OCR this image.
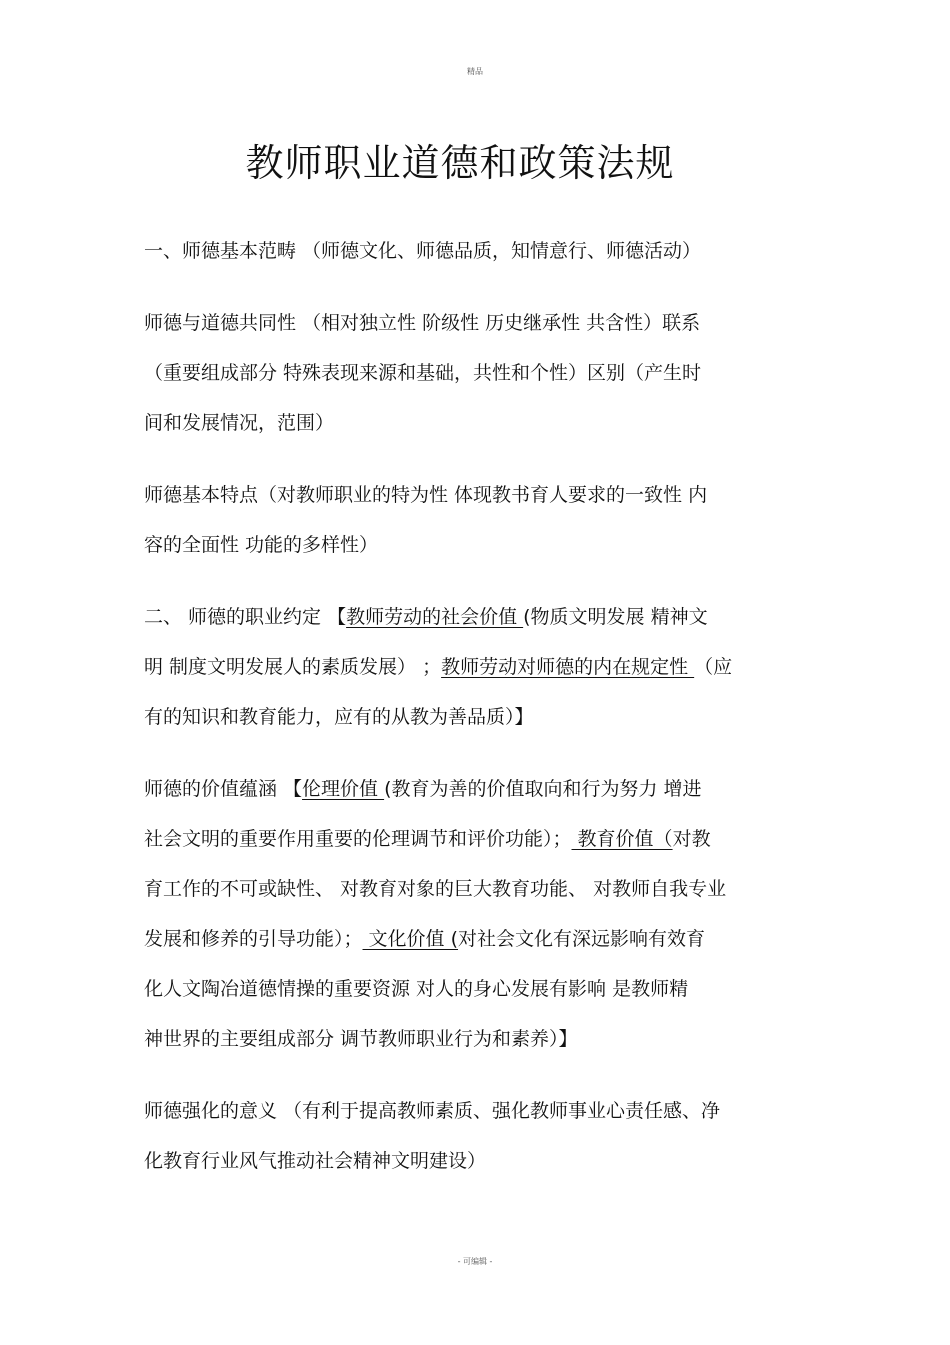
精品
教师职业道德和政策法规
一、师德基本范畴 （师德文化、师德品质，知情意行、师德活动）
师德与道德共同性 （相对独立性 阶级性 历史继承性 共含性）联系
（重要组成部分 特殊表现来源和基础，共性和个性）区别（产生时
间和发展情况，范围）
师德基本特点（对教师职业的特为性 体现教书育人要求的一致性 内
容的全面性 功能的多样性）
二、 师德的职业约定 【教师劳动的社会价值 (物质文明发展 精神文
明 制度文明发展人的素质发展） ；教师劳动对师德的内在规定性 （应
有的知识和教育能力，应有的从教为善品质）】
师德的价值蕴涵 【伦理价值 (教育为善的价值取向和行为努力 增进
社会文明的重要作用重要的伦理调节和评价功能）； 教育价值（对教
育工作的不可或缺性、 对教育对象的巨大教育功能、 对教师自我专业
发展和修养的引导功能）； 文化价值 (对社会文化有深远影响有效育
化人文陶冶道德情操的重要资源 对人的身心发展有影响 是教师精
神世界的主要组成部分 调节教师职业行为和素养）】
师德强化的意义 （有利于提高教师素质、强化教师事业心责任感、净
化教育行业风气推动社会精神文明建设）
- 可编辑 -
